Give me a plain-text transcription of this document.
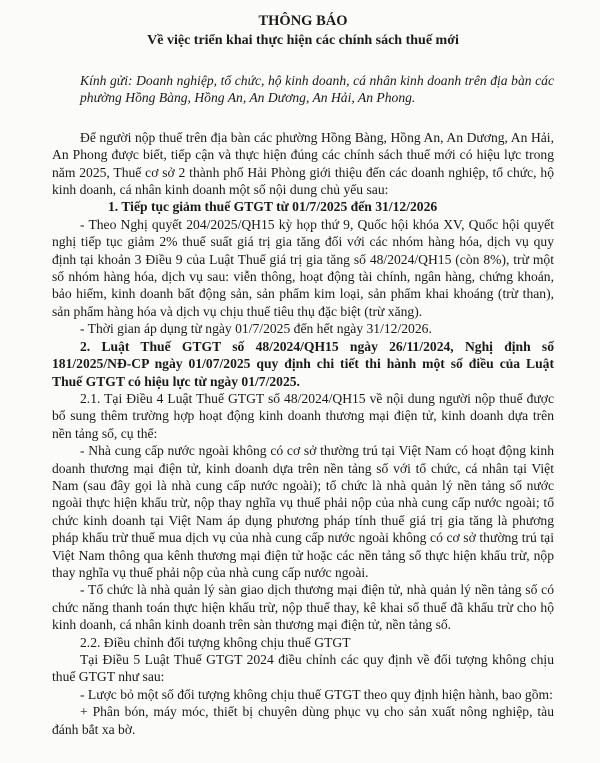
THÔNG BÁO
Về việc triển khai thực hiện các chính sách thuế mới

Kính gửi: Doanh nghiệp, tổ chức, hộ kinh doanh, cá nhân kinh doanh trên địa bàn các phường Hồng Bàng, Hồng An, An Dương, An Hải, An Phong.

Để người nộp thuế trên địa bàn các phường Hồng Bàng, Hồng An, An Dương, An Hải, An Phong được biết, tiếp cận và thực hiện đúng các chính sách thuế mới có hiệu lực trong năm 2025, Thuế cơ sở 2 thành phố Hải Phòng giới thiệu đến các doanh nghiệp, tổ chức, hộ kinh doanh, cá nhân kinh doanh một số nội dung chủ yếu sau:

1. Tiếp tục giảm thuế GTGT từ 01/7/2025 đến 31/12/2026

- Theo Nghị quyết 204/2025/QH15 kỳ họp thứ 9, Quốc hội khóa XV, Quốc hội quyết nghị tiếp tục giảm 2% thuế suất giá trị gia tăng đối với các nhóm hàng hóa, dịch vụ quy định tại khoản 3 Điều 9 của Luật Thuế giá trị gia tăng số 48/2024/QH15 (còn 8%), trừ một số nhóm hàng hóa, dịch vụ sau: viễn thông, hoạt động tài chính, ngân hàng, chứng khoán, bảo hiểm, kinh doanh bất động sản, sản phẩm kim loại, sản phẩm khai khoáng (trừ than), sản phẩm hàng hóa và dịch vụ chịu thuế tiêu thụ đặc biệt (trừ xăng).

- Thời gian áp dụng từ ngày 01/7/2025 đến hết ngày 31/12/2026.

2. Luật Thuế GTGT số 48/2024/QH15 ngày 26/11/2024, Nghị định số 181/2025/NĐ-CP ngày 01/07/2025 quy định chi tiết thi hành một số điều của Luật Thuế GTGT có hiệu lực từ ngày 01/7/2025.

2.1. Tại Điều 4 Luật Thuế GTGT số 48/2024/QH15 về nội dung người nộp thuế được bổ sung thêm trường hợp hoạt động kinh doanh thương mại điện tử, kinh doanh dựa trên nền tảng số, cụ thể:

- Nhà cung cấp nước ngoài không có cơ sở thường trú tại Việt Nam có hoạt động kinh doanh thương mại điện tử, kinh doanh dựa trên nền tảng số với tổ chức, cá nhân tại Việt Nam (sau đây gọi là nhà cung cấp nước ngoài); tổ chức là nhà quản lý nền tảng số nước ngoài thực hiện khấu trừ, nộp thay nghĩa vụ thuế phải nộp của nhà cung cấp nước ngoài; tổ chức kinh doanh tại Việt Nam áp dụng phương pháp tính thuế giá trị gia tăng là phương pháp khấu trừ thuế mua dịch vụ của nhà cung cấp nước ngoài không có cơ sở thường trú tại Việt Nam thông qua kênh thương mại điện tử hoặc các nền tảng số thực hiện khấu trừ, nộp thay nghĩa vụ thuế phải nộp của nhà cung cấp nước ngoài.

- Tổ chức là nhà quản lý sàn giao dịch thương mại điện tử, nhà quản lý nền tảng số có chức năng thanh toán thực hiện khấu trừ, nộp thuế thay, kê khai số thuế đã khấu trừ cho hộ kinh doanh, cá nhân kinh doanh trên sàn thương mại điện tử, nền tảng số.

2.2. Điều chỉnh đối tượng không chịu thuế GTGT

Tại Điều 5 Luật Thuế GTGT 2024 điều chỉnh các quy định về đối tượng không chịu thuế GTGT như sau:

- Lược bỏ một số đối tượng không chịu thuế GTGT theo quy định hiện hành, bao gồm:

+ Phân bón, máy móc, thiết bị chuyên dùng phục vụ cho sản xuất nông nghiệp, tàu đánh bắt xa bờ.
